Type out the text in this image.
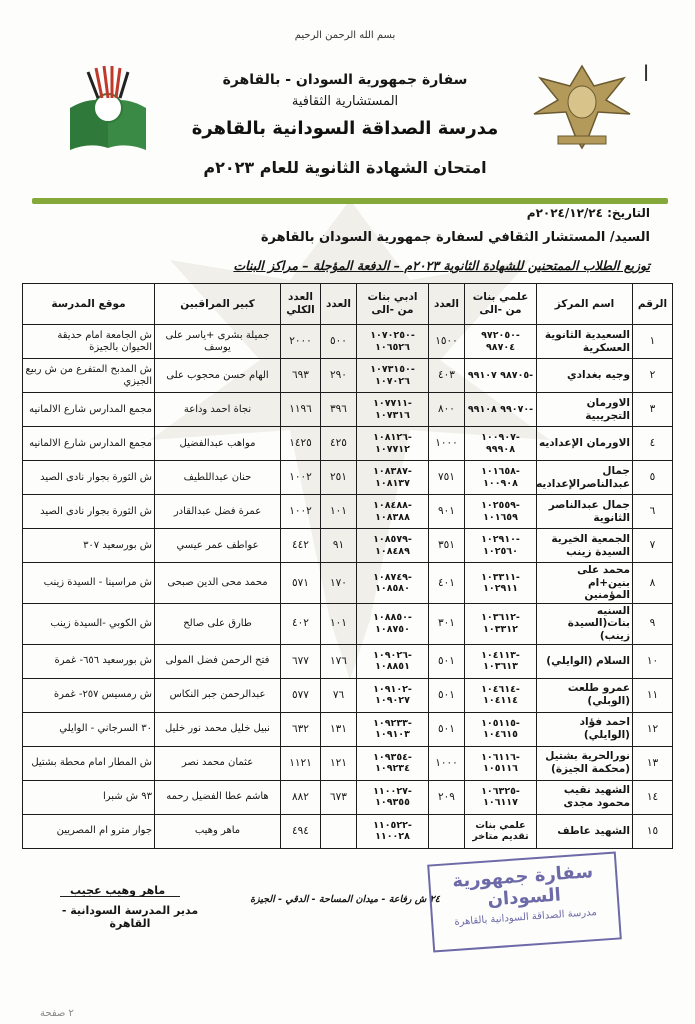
ا
بسم الله الرحمن الرحيم
سفارة جمهورية السودان - بالقاهرة
المستشارية الثقافية
مدرسة الصداقة السودانية بالقاهرة
امتحان الشهادة الثانوية للعام ٢٠٢٣م
التاريخ: ٢٠٢٤/١٢/٢٤م
السيد/ المستشار الثقافي لسفارة جمهورية السودان بالقاهرة
توزيع الطلاب الممتحنين للشهادة الثانوية ٢٠٢٣م – الدفعة المؤجلة – مراكز البنات
الرقم	اسم المركز	علمي بنات من -الى	العدد	ادبي بنات من -الى	العدد	العدد الكلي	كبير المراقبين	موقع المدرسة
١	السعيدية الثانوية العسكرية	-٩٧٢٠٥٠ ٩٨٧٠٤	١٥٠٠	-١٠٧٠٢٥٠ ١٠٦٥٢٦	٥٠٠	٢٠٠٠	جميلة بشرى +ياسر على يوسف	ش الجامعة امام حديقة الحيوان بالجيزة
٢	وجيه بغدادي	-٩٨٧٠٥ ٩٩١٠٧	٤٠٣	-١٠٧٣١٥٠ ١٠٧٠٢٦	٢٩٠	٦٩٣	الهام حسن محجوب على	ش المدبح المتفرع من ش ربيع الجيزي
٣	الاورمان التجريبية	-٩٩٠٧٠ ٩٩١٠٨	٨٠٠	-١٠٧٧١١ ١٠٧٣١٦	٣٩٦	١١٩٦	نجاة احمد وداعة	مجمع المدارس شارع الالمانيه
٤	الاورمان الإعداديه	-١٠٠٩٠٧ ٩٩٩٠٨	١٠٠٠	-١٠٨١٢٦ ١٠٧٧١٢	٤٢٥	١٤٢٥	مواهب عبدالفضيل	مجمع المدارس شارع الالمانيه
٥	جمال عبدالناصرالإعداديه	-١٠١٦٥٨ ١٠٠٩٠٨	٧٥١	-١٠٨٣٨٧ ١٠٨١٣٧	٢٥١	١٠٠٢	حنان عبداللطيف	ش الثورة بجوار نادى الصيد
٦	جمال عبدالناصر الثانوية	-١٠٢٥٥٩ ١٠١٦٥٩	٩٠١	-١٠٨٤٨٨ ١٠٨٣٨٨	١٠١	١٠٠٢	عمرة فضل عبدالقادر	ش الثورة بجوار نادى الصيد
٧	الجمعية الخيرية السيدة زينب	-١٠٢٩١٠ ١٠٢٥٦٠	٣٥١	-١٠٨٥٧٩ ١٠٨٤٨٩	٩١	٤٤٢	عواطف عمر عيسي	ش بورسعيد ٣٠٧
٨	محمد على بنين+ام المؤمنين	-١٠٣٣١١ ١٠٢٩١١	٤٠١	-١٠٨٧٤٩ ١٠٨٥٨٠	١٧٠	٥٧١	محمد محى الدين صبحى	ش مراسينا - السيدة زينب
٩	السنيه بنات(السيدة زينب)	-١٠٣٦١٢ ١٠٣٣١٢	٣٠١	-١٠٨٨٥٠ ١٠٨٧٥٠	١٠١	٤٠٢	طارق على صالح	ش الكوبي -السيدة زينب
١٠	السلام (الوايلي)	-١٠٤١١٣ ١٠٣٦١٣	٥٠١	-١٠٩٠٢٦ ١٠٨٨٥١	١٧٦	٦٧٧	فتح الرحمن فضل المولى	ش بورسعيد ٦٥٦- غمرة
١١	عمرو طلعت (الوبلي)	-١٠٤٦١٤ ١٠٤١١٤	٥٠١	-١٠٩١٠٢ ١٠٩٠٢٧	٧٦	٥٧٧	عبدالرحمن جبر النكاس	ش رمسيس ٢٥٧- غمرة
١٢	احمد فؤاد (الوايلي)	-١٠٥١١٥ ١٠٤٦١٥	٥٠١	-١٠٩٢٣٣ ١٠٩١٠٣	١٣١	٦٣٢	نبيل خليل محمد نور خليل	٣٠ السرجاني - الوايلي
١٣	نورالحرية بشتيل (محكمة الجيزة)	-١٠٦١١٦ ١٠٥١١٦	١٠٠٠	-١٠٩٣٥٤ ١٠٩٢٣٤	١٢١	١١٢١	عثمان محمد نصر	ش المطار امام محطة بشتيل
١٤	الشهيد نقيب محمود مجدى	-١٠٦٣٢٥ ١٠٦١١٧	٢٠٩	-١١٠٠٢٧ ١٠٩٣٥٥	٦٧٣	٨٨٢	هاشم عطا الفضيل رحمه	٩٣ ش شبرا
١٥	الشهيد عاطف	علمي بنات تقديم متاخر		-١١٠٥٢٢ ١١٠٠٢٨		٤٩٤	ماهر وهيب	جوار مترو ام المصريين
ماهر وهيب عجيب
مدير المدرسة السودانية - القاهرة
٢٤ ش رفاعة - ميدان المساحة - الدقي - الجيزة
سفارة جمهورية السودان
مدرسة الصداقة السودانية بالقاهرة
٢ صفحة
